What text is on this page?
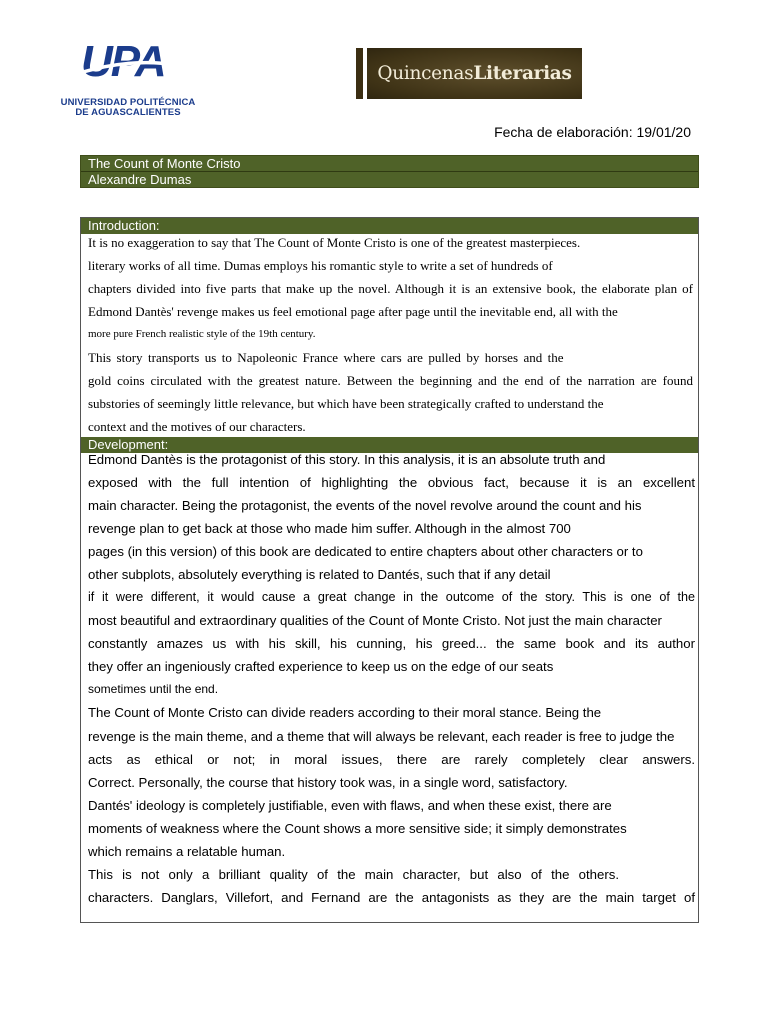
UPA
UNIVERSIDAD POLITÉCNICA
DE AGUASCALIENTES
QuincenasLiterarias
Fecha de elaboración: 19/01/20
The Count of Monte Cristo
Alexandre Dumas
Introduction:
It is no exaggeration to say that The Count of Monte Cristo is one of the greatest masterpieces.
literary works of all time. Dumas employs his romantic style to write a set of hundreds of
chapters divided into five parts that make up the novel. Although it is an extensive book, the elaborate plan of
Edmond Dantès' revenge makes us feel emotional page after page until the inevitable end, all with the
more pure French realistic style of the 19th century.
This story transports us to Napoleonic France where cars are pulled by horses and the
gold coins circulated with the greatest nature. Between the beginning and the end of the narration are found
substories of seemingly little relevance, but which have been strategically crafted to understand the
context and the motives of our characters.
Development:
Edmond Dantès is the protagonist of this story. In this analysis, it is an absolute truth and
exposed with the full intention of highlighting the obvious fact, because it is an excellent
main character. Being the protagonist, the events of the novel revolve around the count and his
revenge plan to get back at those who made him suffer. Although in the almost 700
pages (in this version) of this book are dedicated to entire chapters about other characters or to
other subplots, absolutely everything is related to Dantés, such that if any detail
if it were different, it would cause a great change in the outcome of the story. This is one of the
most beautiful and extraordinary qualities of the Count of Monte Cristo. Not just the main character
constantly amazes us with his skill, his cunning, his greed... the same book and its author
they offer an ingeniously crafted experience to keep us on the edge of our seats
sometimes until the end.
The Count of Monte Cristo can divide readers according to their moral stance. Being the
revenge is the main theme, and a theme that will always be relevant, each reader is free to judge the
acts as ethical or not; in moral issues, there are rarely completely clear answers.
Correct. Personally, the course that history took was, in a single word, satisfactory.
Dantés' ideology is completely justifiable, even with flaws, and when these exist, there are
moments of weakness where the Count shows a more sensitive side; it simply demonstrates
which remains a relatable human.
This is not only a brilliant quality of the main character, but also of the others.
characters. Danglars, Villefort, and Fernand are the antagonists as they are the main target of
